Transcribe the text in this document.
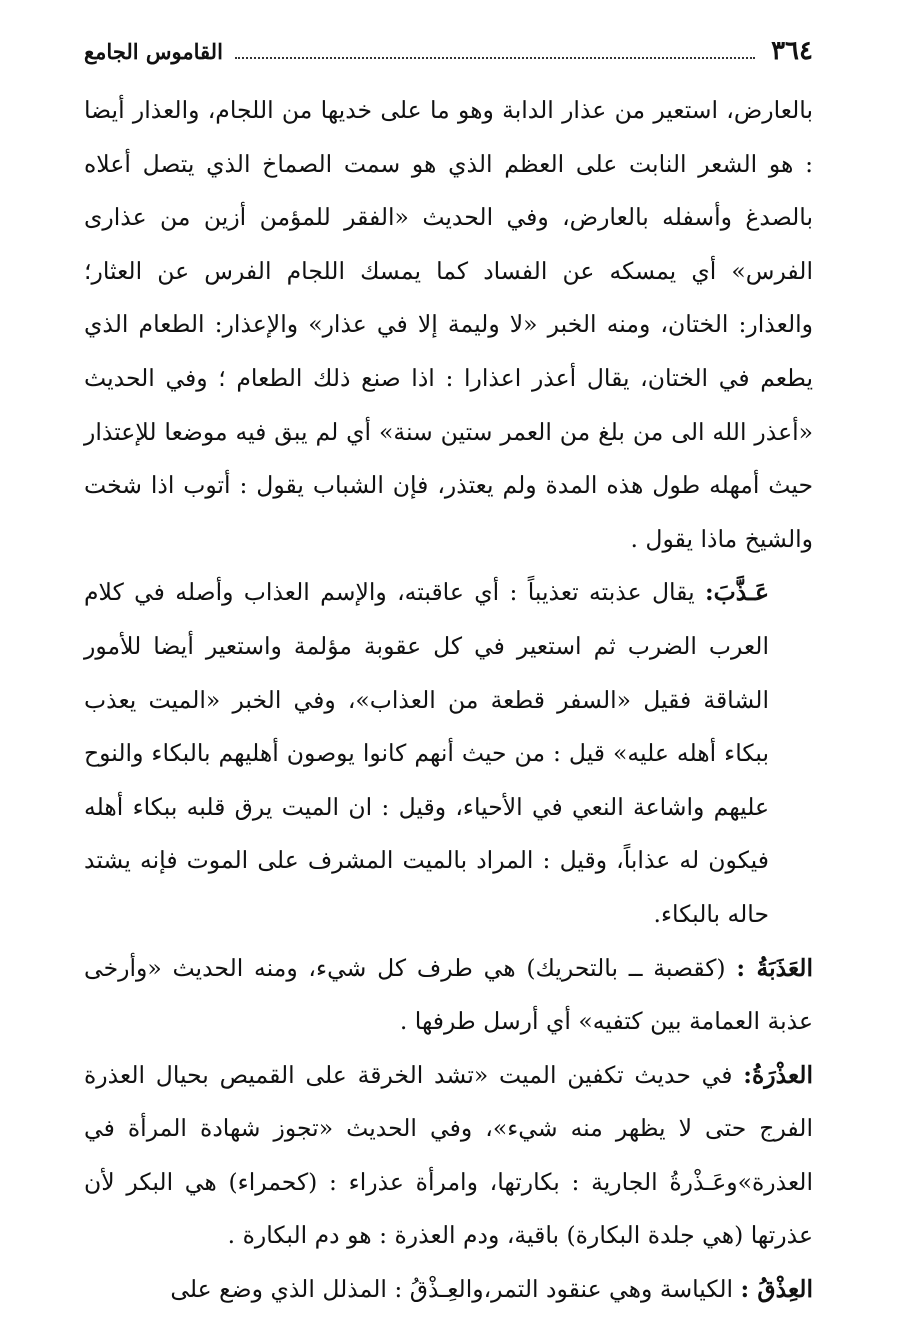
٣٦٤
القاموس الجامع

بالعارض، استعير من عذار الدابة وهو ما على خديها من اللجام، والعذار أيضا : هو الشعر النابت على العظم الذي هو سمت الصماخ الذي يتصل أعلاه بالصدغ وأسفله بالعارض، وفي الحديث «الفقر للمؤمن أزين من عذارى الفرس» أي يمسكه عن الفساد كما يمسك اللجام الفرس عن العثار؛ والعذار: الختان، ومنه الخبر «لا وليمة إلا في عذار» والإعذار: الطعام الذي يطعم في الختان، يقال أعذر اعذارا : اذا صنع ذلك الطعام ؛ وفي الحديث «أعذر الله الى من بلغ من العمر ستين سنة» أي لم يبق فيه موضعا للإعتذار حيث أمهله طول هذه المدة ولم يعتذر، فإن الشباب يقول : أتوب اذا شخت والشيخ ماذا يقول .

عَـذَّبَ: يقال عذبته تعذيباً : أي عاقبته، والإسم العذاب وأصله في كلام العرب الضرب ثم استعير في كل عقوبة مؤلمة واستعير أيضا للأمور الشاقة فقيل «السفر قطعة من العذاب»، وفي الخبر «الميت يعذب ببكاء أهله عليه» قيل : من حيث أنهم كانوا يوصون أهليهم بالبكاء والنوح عليهم واشاعة النعي في الأحياء، وقيل : ان الميت يرق قلبه ببكاء أهله فيكون له عذاباً، وقيل : المراد بالميت المشرف على الموت فإنه يشتد حاله بالبكاء.

العَذَبَةُ : (كقصبة ــ بالتحريك) هي طرف كل شيء، ومنه الحديث «وأرخى عذبة العمامة بين كتفيه» أي أرسل طرفها .

العذْرَةُ: في حديث تكفين الميت «تشد الخرقة على القميص بحيال العذرة الفرج حتى لا يظهر منه شيء»، وفي الحديث «تجوز شهادة المرأة في العذرة»وعَـذْرةُ الجارية : بكارتها، وامرأة عذراء : (كحمراء) هي البكر لأن عذرتها (هي جلدة البكارة) باقية، ودم العذرة : هو دم البكارة .

العِذْقُ : الكياسة وهي عنقود التمر،والعِـذْقُ : المذلل الذي وضع على
